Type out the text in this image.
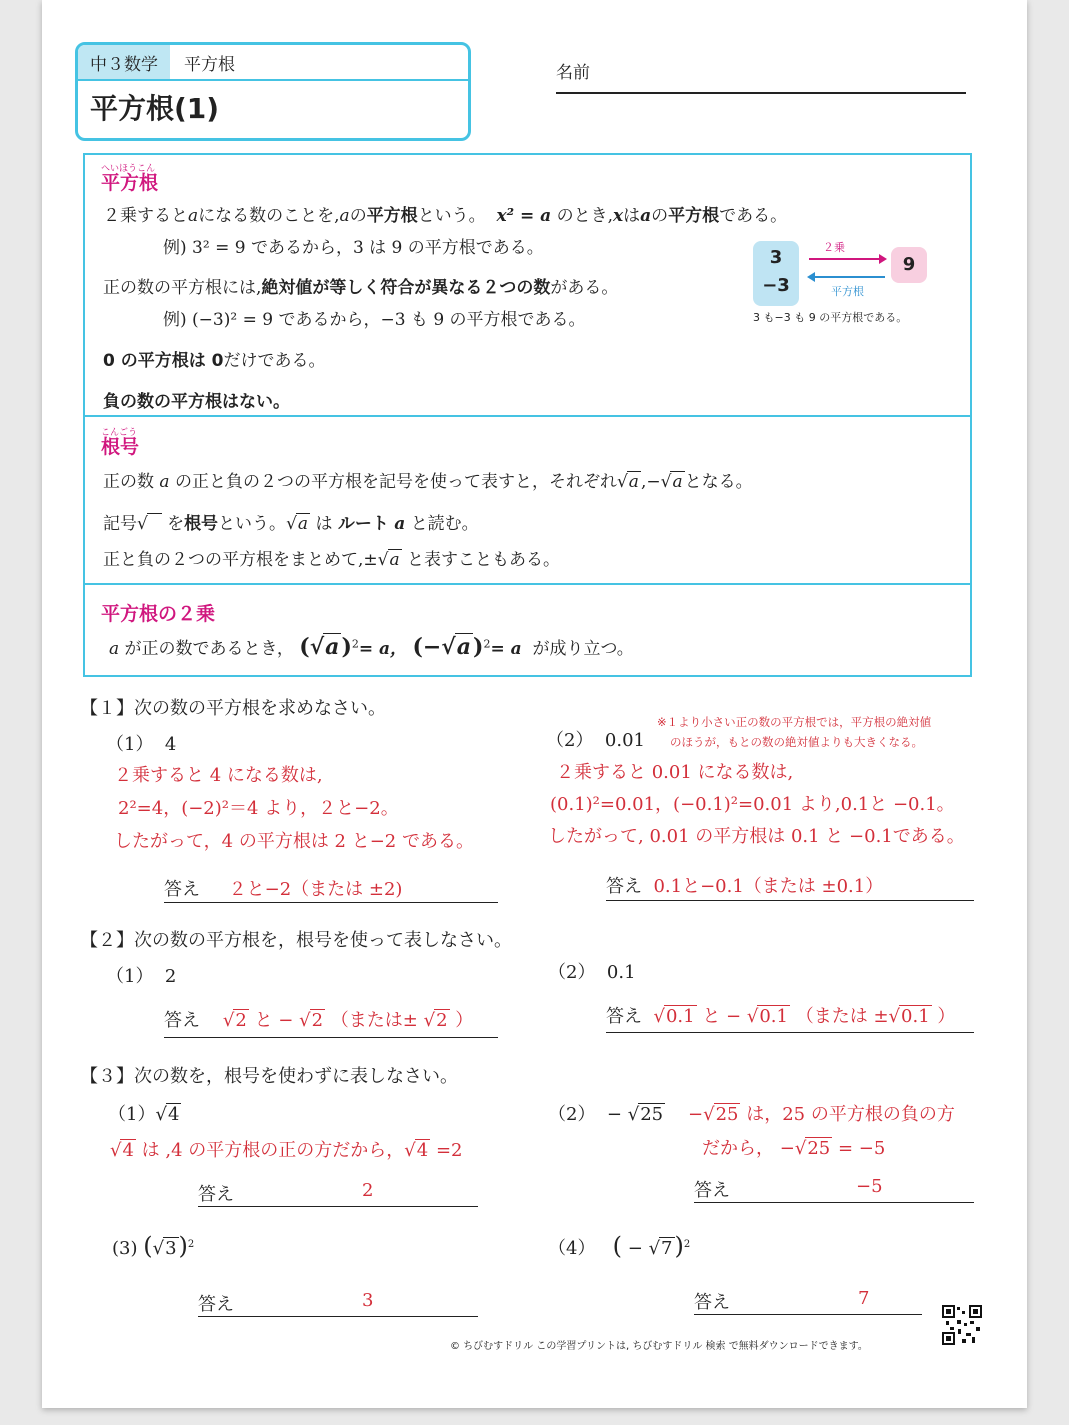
中３数学	平方根
平方根(1)
名前
へいほうこん
平方根
２乗するとaになる数のことを,aの平方根という。 x² = a のとき,xはaの平方根である。
例) 3² = 9 であるから，3 は 9 の平方根である。
正の数の平方根には,絶対値が等しく符合が異なる２つの数がある。
例) (−3)² = 9 であるから，−3 も 9 の平方根である。
0 の平方根は 0だけである。
負の数の平方根はない。
3
−3
9
２乗
平方根
3 も−3 も 9 の平方根である。
こんごう
根号
正の数 a の正と負の２つの平方根を記号を使って表すと，それぞれ√a ,−√a となる。
記号√ を根号という。√a は ルート a と読む。
正と負の２つの平方根をまとめて,±√a と表すこともある。
平方根の２乗
a が正の数であるとき， $(√a)^2= a$， $(-√a)^2= a$ が成り立つ。
【１】次の数の平方根を求めなさい。
（1） 4
２乗すると 4 になる数は,
2²=4，(−2)²＝4 より，２と−2。
したがって，4 の平方根は 2 と−2 である。
答え ２と−2（または ±2)
（2） 0.01
※１より小さい正の数の平方根では，平方根の絶対値
のほうが，もとの数の絶対値よりも大きくなる。
２乗すると 0.01 になる数は,
(0.1)²=0.01，(−0.1)²=0.01 より,0.1と −0.1。
したがって, 0.01 の平方根は 0.1 と −0.1である。
答え 0.1と−0.1（または ±0.1）
【２】次の数の平方根を，根号を使って表しなさい。
（1） 2
答え √2 と − √2 （または± √2 ）
（2） 0.1
答え √0.1 と − √0.1 （または ±√0.1 ）
【３】次の数を，根号を使わずに表しなさい。
（1）√4
√4 は ,4 の平方根の正の方だから，√4 =2
答え	2
（2） − √25 −√25 は，25 の平方根の負の方
だから， −√25 = −5
答え	−5
(3) $(√3)^2$
答え	3
（4） ( − √7)$^2$
答え	7
© ちびむすドリル この学習プリントは, ちびむすドリル 検索 で無料ダウンロードできます。
